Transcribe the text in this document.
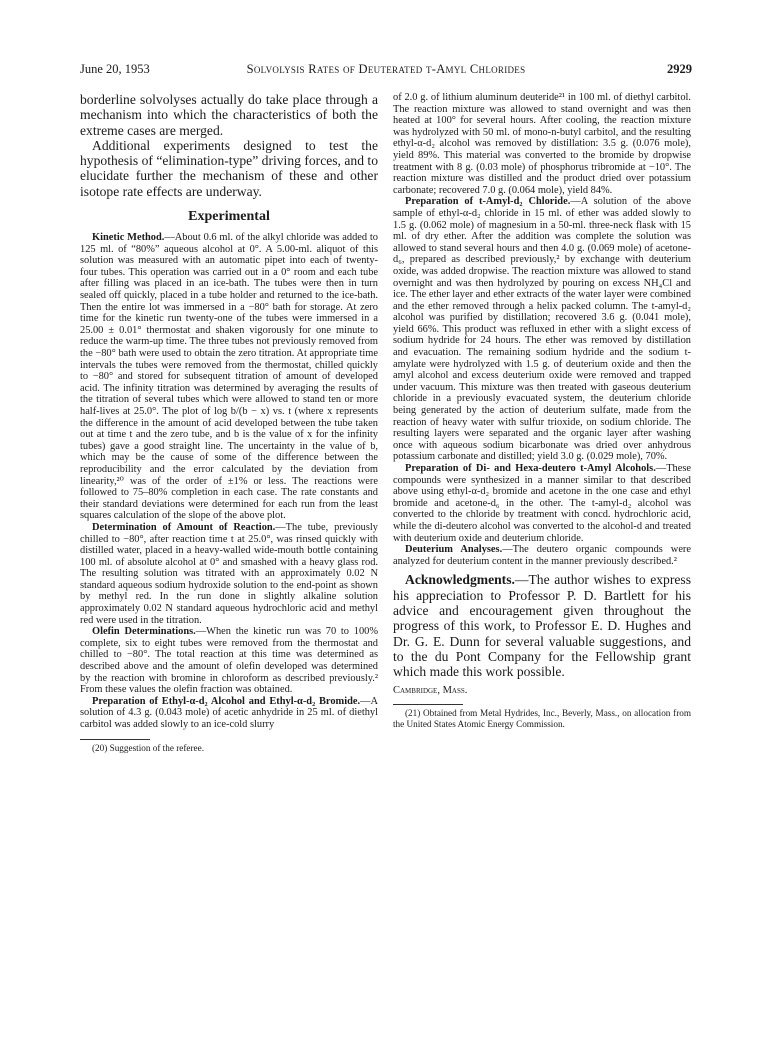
June 20, 1953	Solvolysis Rates of Deuterated t-Amyl Chlorides	2929

borderline solvolyses actually do take place through a mechanism into which the characteristics of both the extreme cases are merged.

Additional experiments designed to test the hypothesis of “elimination-type” driving forces, and to elucidate further the mechanism of these and other isotope rate effects are underway.

Experimental

Kinetic Method.—About 0.6 ml. of the alkyl chloride was added to 125 ml. of “80%” aqueous alcohol at 0°. A 5.00-ml. aliquot of this solution was measured with an automatic pipet into each of twenty-four tubes. This operation was carried out in a 0° room and each tube after filling was placed in an ice-bath. The tubes were then in turn sealed off quickly, placed in a tube holder and returned to the ice-bath. Then the entire lot was immersed in a −80° bath for storage. At zero time for the kinetic run twenty-one of the tubes were immersed in a 25.00 ± 0.01° thermostat and shaken vigorously for one minute to reduce the warm-up time. The three tubes not previously removed from the −80° bath were used to obtain the zero titration. At appropriate time intervals the tubes were removed from the thermostat, chilled quickly to −80° and stored for subsequent titration of amount of developed acid. The infinity titration was determined by averaging the results of the titration of several tubes which were allowed to stand ten or more half-lives at 25.0°. The plot of log b/(b − x) vs. t (where x represents the difference in the amount of acid developed between the tube taken out at time t and the zero tube, and b is the value of x for the infinity tubes) gave a good straight line. The uncertainty in the value of b, which may be the cause of some of the difference between the reproducibility and the error calculated by the deviation from linearity,²⁰ was of the order of ±1% or less. The reactions were followed to 75–80% completion in each case. The rate constants and their standard deviations were determined for each run from the least squares calculation of the slope of the above plot.

Determination of Amount of Reaction.—The tube, previously chilled to −80°, after reaction time t at 25.0°, was rinsed quickly with distilled water, placed in a heavy-walled wide-mouth bottle containing 100 ml. of absolute alcohol at 0° and smashed with a heavy glass rod. The resulting solution was titrated with an approximately 0.02 N standard aqueous sodium hydroxide solution to the end-point as shown by methyl red. In the run done in slightly alkaline solution approximately 0.02 N standard aqueous hydrochloric acid and methyl red were used in the titration.

Olefin Determinations.—When the kinetic run was 70 to 100% complete, six to eight tubes were removed from the thermostat and chilled to −80°. The total reaction at this time was determined as described above and the amount of olefin developed was determined by the reaction with bromine in chloroform as described previously.² From these values the olefin fraction was obtained.

Preparation of Ethyl-α-d₂ Alcohol and Ethyl-α-d₂ Bromide.—A solution of 4.3 g. (0.043 mole) of acetic anhydride in 25 ml. of diethyl carbitol was added slowly to an ice-cold slurry

(20) Suggestion of the referee.

of 2.0 g. of lithium aluminum deuteride²¹ in 100 ml. of diethyl carbitol. The reaction mixture was allowed to stand overnight and was then heated at 100° for several hours. After cooling, the reaction mixture was hydrolyzed with 50 ml. of mono-n-butyl carbitol, and the resulting ethyl-α-d₂ alcohol was removed by distillation: 3.5 g. (0.076 mole), yield 89%. This material was converted to the bromide by dropwise treatment with 8 g. (0.03 mole) of phosphorus tribromide at −10°. The reaction mixture was distilled and the product dried over potassium carbonate; recovered 7.0 g. (0.064 mole), yield 84%.

Preparation of t-Amyl-d₂ Chloride.—A solution of the above sample of ethyl-α-d₂ chloride in 15 ml. of ether was added slowly to 1.5 g. (0.062 mole) of magnesium in a 50-ml. three-neck flask with 15 ml. of dry ether. After the addition was complete the solution was allowed to stand several hours and then 4.0 g. (0.069 mole) of acetone-d₆, prepared as described previously,² by exchange with deuterium oxide, was added dropwise. The reaction mixture was allowed to stand overnight and was then hydrolyzed by pouring on excess NH₄Cl and ice. The ether layer and ether extracts of the water layer were combined and the ether removed through a helix packed column. The t-amyl-d₂ alcohol was purified by distillation; recovered 3.6 g. (0.041 mole), yield 66%. This product was refluxed in ether with a slight excess of sodium hydride for 24 hours. The ether was removed by distillation and evacuation. The remaining sodium hydride and the sodium t-amylate were hydrolyzed with 1.5 g. of deuterium oxide and then the amyl alcohol and excess deuterium oxide were removed and trapped under vacuum. This mixture was then treated with gaseous deuterium chloride in a previously evacuated system, the deuterium chloride being generated by the action of deuterium sulfate, made from the reaction of heavy water with sulfur trioxide, on sodium chloride. The resulting layers were separated and the organic layer after washing once with aqueous sodium bicarbonate was dried over anhydrous potassium carbonate and distilled; yield 3.0 g. (0.029 mole), 70%.

Preparation of Di- and Hexa-deutero t-Amyl Alcohols.—These compounds were synthesized in a manner similar to that described above using ethyl-α-d₂ bromide and acetone in the one case and ethyl bromide and acetone-d₆ in the other. The t-amyl-d₂ alcohol was converted to the chloride by treatment with concd. hydrochloric acid, while the di-deutero alcohol was converted to the alcohol-d and treated with deuterium oxide and deuterium chloride.

Deuterium Analyses.—The deutero organic compounds were analyzed for deuterium content in the manner previously described.²

Acknowledgments.—The author wishes to express his appreciation to Professor P. D. Bartlett for his advice and encouragement given throughout the progress of this work, to Professor E. D. Hughes and Dr. G. E. Dunn for several valuable suggestions, and to the du Pont Company for the Fellowship grant which made this work possible.

Cambridge, Mass.

(21) Obtained from Metal Hydrides, Inc., Beverly, Mass., on allocation from the United States Atomic Energy Commission.
